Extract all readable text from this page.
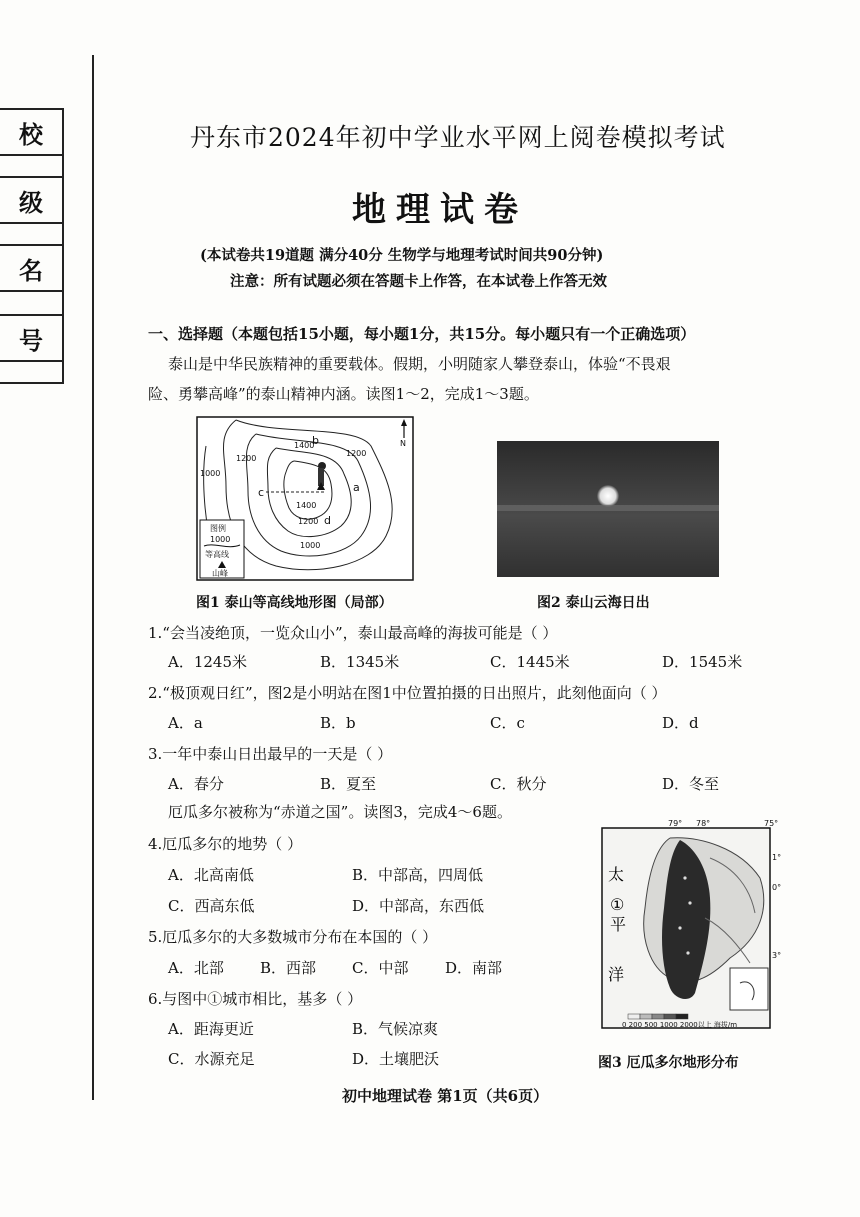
校
级
名
号
丹东市2024年初中学业水平网上阅卷模拟考试
地理试卷
(本试卷共19道题 满分40分 生物学与地理考试时间共90分钟)
注意：所有试题必须在答题卡上作答，在本试卷上作答无效
一、选择题（本题包括15小题，每小题1分，共15分。每小题只有一个正确选项）
泰山是中华民族精神的重要载体。假期，小明随家人攀登泰山，体验“不畏艰
险、勇攀高峰”的泰山精神内涵。读图1～2，完成1～3题。
1400
1200
1000
1400
1200
1000
1200
a
b
c
d
N
图例
1000
等高线
山峰
图1 泰山等高线地形图（局部）	图2 泰山云海日出
1.“会当凌绝顶，一览众山小”，泰山最高峰的海拔可能是（ ）
A．1245米	B．1345米	C．1445米	D．1545米
2.“极顶观日红”，图2是小明站在图1中位置拍摄的日出照片，此刻他面向（ ）
A．a	B．b	C．c	D．d
3.一年中泰山日出最早的一天是（ ）
A．春分	B．夏至	C．秋分	D．冬至
厄瓜多尔被称为“赤道之国”。读图3，完成4～6题。
4.厄瓜多尔的地势（ ）
A．北高南低	B．中部高，四周低
C．西高东低	D．中部高，东西低
5.厄瓜多尔的大多数城市分布在本国的（ ）
A．北部 B．西部 C．中部 D．南部
6.与图中①城市相比，基多（ ）
A．距海更近	B．气候凉爽
C．水源充足	D．土壤肥沃
79° 78°	75°
1°
0°
3°
太
①
平
洋
0 200 500 1000 2000以上 海拔/m
图3 厄瓜多尔地形分布
初中地理试卷 第1页（共6页）
